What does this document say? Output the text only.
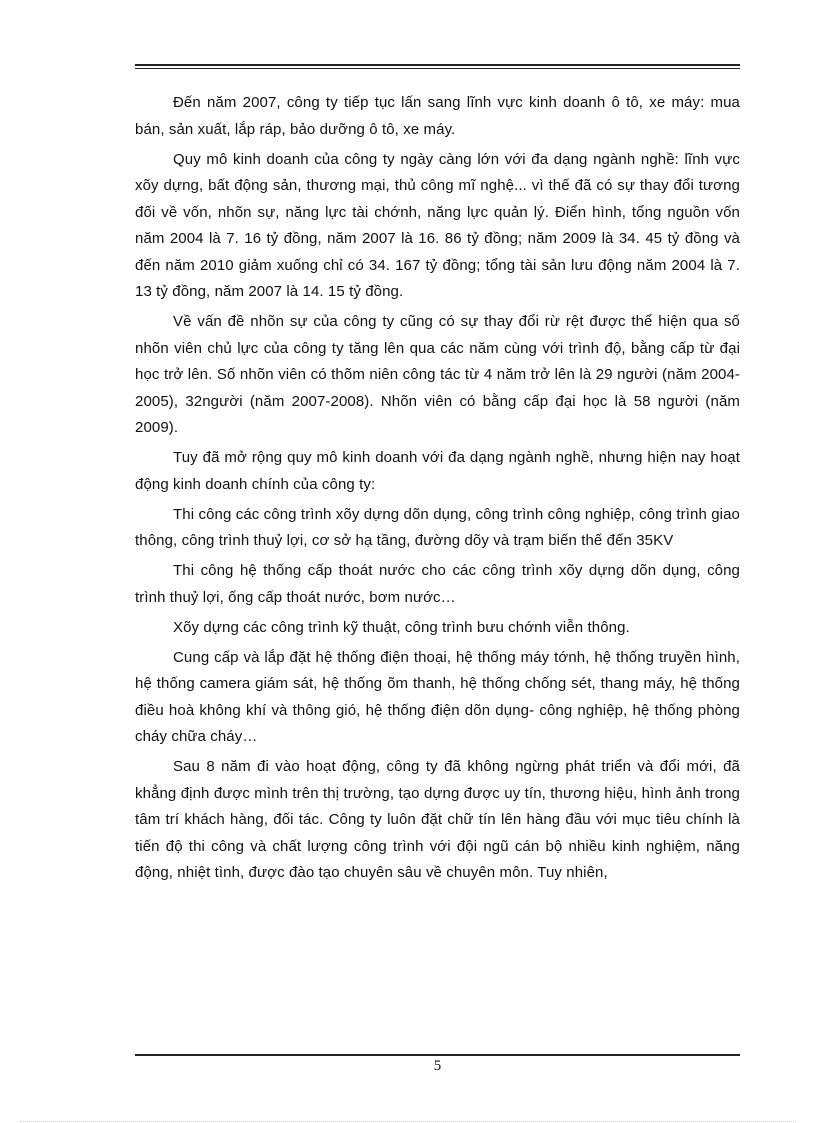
Đến năm 2007, công ty tiếp tục lấn sang lĩnh vực kinh doanh ô tô, xe máy: mua bán, sản xuất, lắp ráp, bảo dưỡng ô tô, xe máy.

Quy mô kinh doanh của công ty ngày càng lớn với đa dạng ngành nghề: lĩnh vực xõy dựng, bất động sản, thương mại, thủ công mĩ nghệ... vì thế đã có sự thay đổi tương đối về vốn, nhõn sự, năng lực tài chớnh, năng lực quản lý. Điển hình, tổng nguồn vốn năm 2004 là 7. 16 tỷ đồng, năm 2007 là 16. 86 tỷ đồng; năm 2009 là 34. 45 tỷ đồng và đến năm 2010 giảm xuống chỉ có 34. 167 tỷ đồng; tổng tài sản lưu động năm 2004 là 7. 13 tỷ đồng, năm 2007 là 14. 15 tỷ đồng.

Về vấn đề nhõn sự của công ty cũng có sự thay đổi rừ rệt được thể hiện qua số nhõn viên chủ lực của công ty tăng lên qua các năm cùng với trình độ, bằng cấp từ đại học trở lên. Số nhõn viên có thõm niên công tác từ 4 năm trở lên là 29 người (năm 2004-2005), 32người (năm 2007-2008). Nhõn viên có bằng cấp đại học là 58 người (năm 2009).

Tuy đã mở rộng quy mô kinh doanh với đa dạng ngành nghề, nhưng hiện nay hoạt động kinh doanh chính của công ty:

Thi công các công trình xõy dựng dõn dụng, công trình công nghiệp, công trình giao thông, công trình thuỷ lợi, cơ sở hạ tầng, đường dõy và trạm biến thế đến 35KV

Thi công hệ thống cấp thoát nước cho các công trình xõy dựng dõn dụng, công trình thuỷ lợi, ống cấp thoát nước, bơm nước…

Xõy dựng các công trình kỹ thuật, công trình bưu chớnh viễn thông.

Cung cấp và lắp đặt hệ thống điện thoại, hệ thống máy tớnh, hệ thống truyền hình, hệ thống camera giám sát, hệ thống õm thanh, hệ thống chống sét, thang máy, hệ thống điều hoà không khí và thông gió, hệ thống điện dõn dụng- công nghiệp, hệ thống phòng cháy chữa cháy…

Sau 8 năm đi vào hoạt động, công ty đã không ngừng phát triển và đổi mới, đã khẳng định được mình trên thị trường, tạo dựng được uy tín, thương hiệu, hình ảnh trong tâm trí khách hàng, đối tác. Công ty luôn đặt chữ tín lên hàng đầu với mục tiêu chính là tiến độ thi công và chất lượng công trình với đội ngũ cán bộ nhiều kinh nghiệm, năng động, nhiệt tình, được đào tạo chuyên sâu về chuyên môn. Tuy nhiên,

5
